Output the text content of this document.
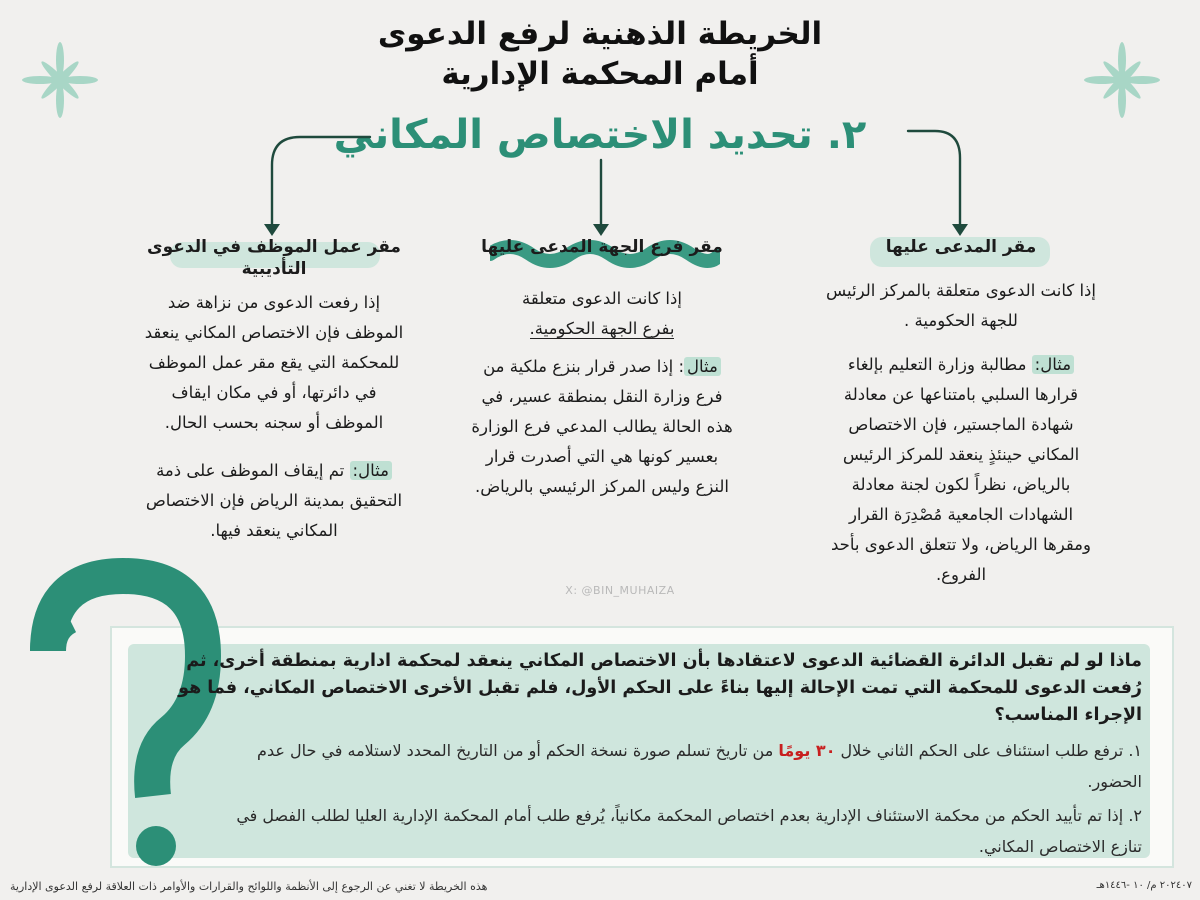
الخريطة الذهنية لرفع الدعوى
أمام المحكمة الإدارية
٢. تحديد الاختصاص المكاني
مقر المدعى عليها
إذا كانت الدعوى متعلقة بالمركز الرئيس للجهة الحكومية .
مثال: مطالبة وزارة التعليم بإلغاء قرارها السلبي بامتناعها عن معادلة شهادة الماجستير، فإن الاختصاص المكاني حينئذٍ ينعقد للمركز الرئيس بالرياض، نظراً لكون لجنة معادلة الشهادات الجامعية مُصْدِرَة القرار ومقرها الرياض، ولا تتعلق الدعوى بأحد الفروع.
مقر فرع الجهة المدعى عليها
إذا كانت الدعوى متعلقة
بفرع الجهة الحكومية.
مثال: إذا صدر قرار بنزع ملكية من فرع وزارة النقل بمنطقة عسير، في هذه الحالة يطالب المدعي فرع الوزارة بعسير كونها هي التي أصدرت قرار النزع وليس المركز الرئيسي بالرياض.
مقر عمل الموظف في الدعوى التأديبية
إذا رفعت الدعوى من نزاهة ضد الموظف فإن الاختصاص المكاني ينعقد للمحكمة التي يقع مقر عمل الموظف في دائرتها، أو في مكان ايقاف الموظف أو سجنه بحسب الحال.
مثال: تم إيقاف الموظف على ذمة التحقيق بمدينة الرياض فإن الاختصاص المكاني ينعقد فيها.
X: @BIN_MUHAIZA
ماذا لو لم تقبل الدائرة القضائية الدعوى لاعتقادها بأن الاختصاص المكاني ينعقد لمحكمة ادارية بمنطقة أخرى، ثم رُفعت الدعوى للمحكمة التي تمت الإحالة إليها بناءً على الحكم الأول، فلم تقبل الأخرى الاختصاص المكاني، فما هو الإجراء المناسب؟
١. ترفع طلب استئناف على الحكم الثاني خلال ٣٠ يومًا من تاريخ تسلم صورة نسخة الحكم أو من التاريخ المحدد لاستلامه في حال عدم الحضور.
٢. إذا تم تأييد الحكم من محكمة الاستئناف الإدارية بعدم اختصاص المحكمة مكانياً، يُرفع طلب أمام المحكمة الإدارية العليا لطلب الفصل في تنازع الاختصاص المكاني.
٢٠٢٤٠٧ م/ ١٠ -١٤٤٦هـ
هذه الخريطة لا تغني عن الرجوع إلى الأنظمة واللوائح والقرارات والأوامر ذات العلاقة لرفع الدعوى الإدارية
